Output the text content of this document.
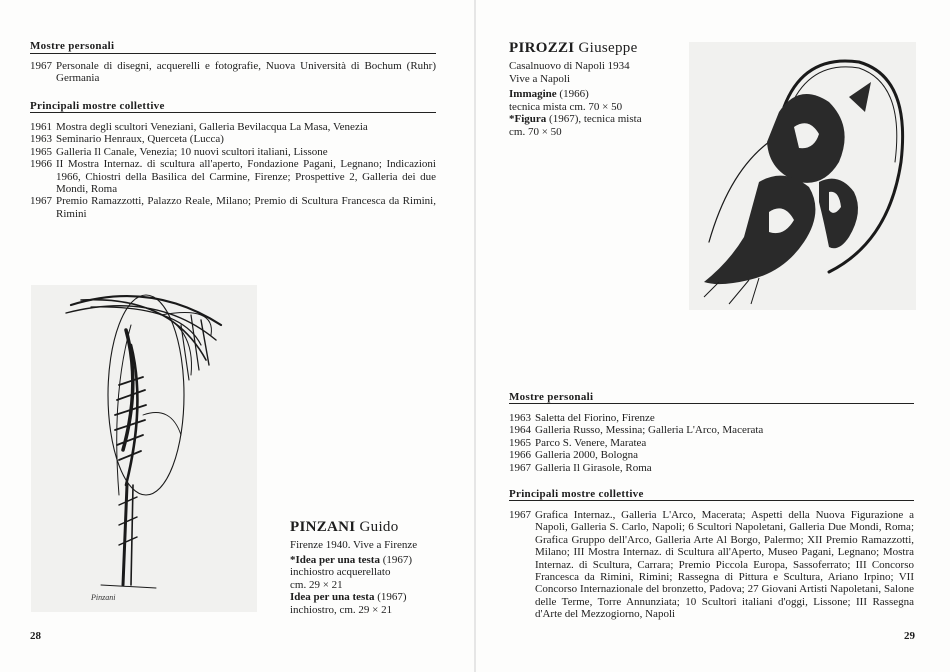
Mostre personali
1967 Personale di disegni, acquerelli e fotografie, Nuova Università di Bochum (Ruhr) Germania
Principali mostre collettive
1961 Mostra degli scultori Veneziani, Galleria Bevilacqua La Masa, Venezia
1963 Seminario Henraux, Querceta (Lucca)
1965 Galleria Il Canale, Venezia; 10 nuovi scultori italiani, Lissone
1966 II Mostra Internaz. di scultura all'aperto, Fondazione Pagani, Legnano; Indicazioni 1966, Chiostri della Basilica del Carmine, Firenze; Prospettive 2, Galleria dei due Mondi, Roma
1967 Premio Ramazzotti, Palazzo Reale, Milano; Premio di Scultura Francesca da Rimini, Rimini
Pinzani
PINZANI Guido
Firenze 1940. Vive a Firenze
*Idea per una testa (1967)
inchiostro acquerellato
cm. 29 × 21
Idea per una testa (1967)
inchiostro, cm. 29 × 21
28
PIROZZI Giuseppe
Casalnuovo di Napoli 1934
Vive a Napoli
Immagine (1966)
tecnica mista cm. 70 × 50
*Figura (1967), tecnica mista
cm. 70 × 50
Mostre personali
1963 Saletta del Fiorino, Firenze
1964 Galleria Russo, Messina; Galleria L'Arco, Macerata
1965 Parco S. Venere, Maratea
1966 Galleria 2000, Bologna
1967 Galleria Il Girasole, Roma
Principali mostre collettive
1967 Grafica Internaz., Galleria L'Arco, Macerata; Aspetti della Nuova Figurazione a Napoli, Galleria S. Carlo, Napoli; 6 Scultori Napoletani, Galleria Due Mondi, Roma; Grafica Gruppo dell'Arco, Galleria Arte Al Borgo, Palermo; XII Premio Ramazzotti, Milano; III Mostra Internaz. di Scultura all'Aperto, Museo Pagani, Legnano; Mostra Internaz. di Scultura, Carrara; Premio Piccola Europa, Sassoferrato; III Concorso Francesca da Rimini, Rimini; Rassegna di Pittura e Scultura, Ariano Irpino; VII Concorso Internazionale del bronzetto, Padova; 27 Giovani Artisti Napoletani, Salone delle Terme, Torre Annunziata; 10 Scultori italiani d'oggi, Lissone; III Rassegna d'Arte del Mezzogiorno, Napoli
29
